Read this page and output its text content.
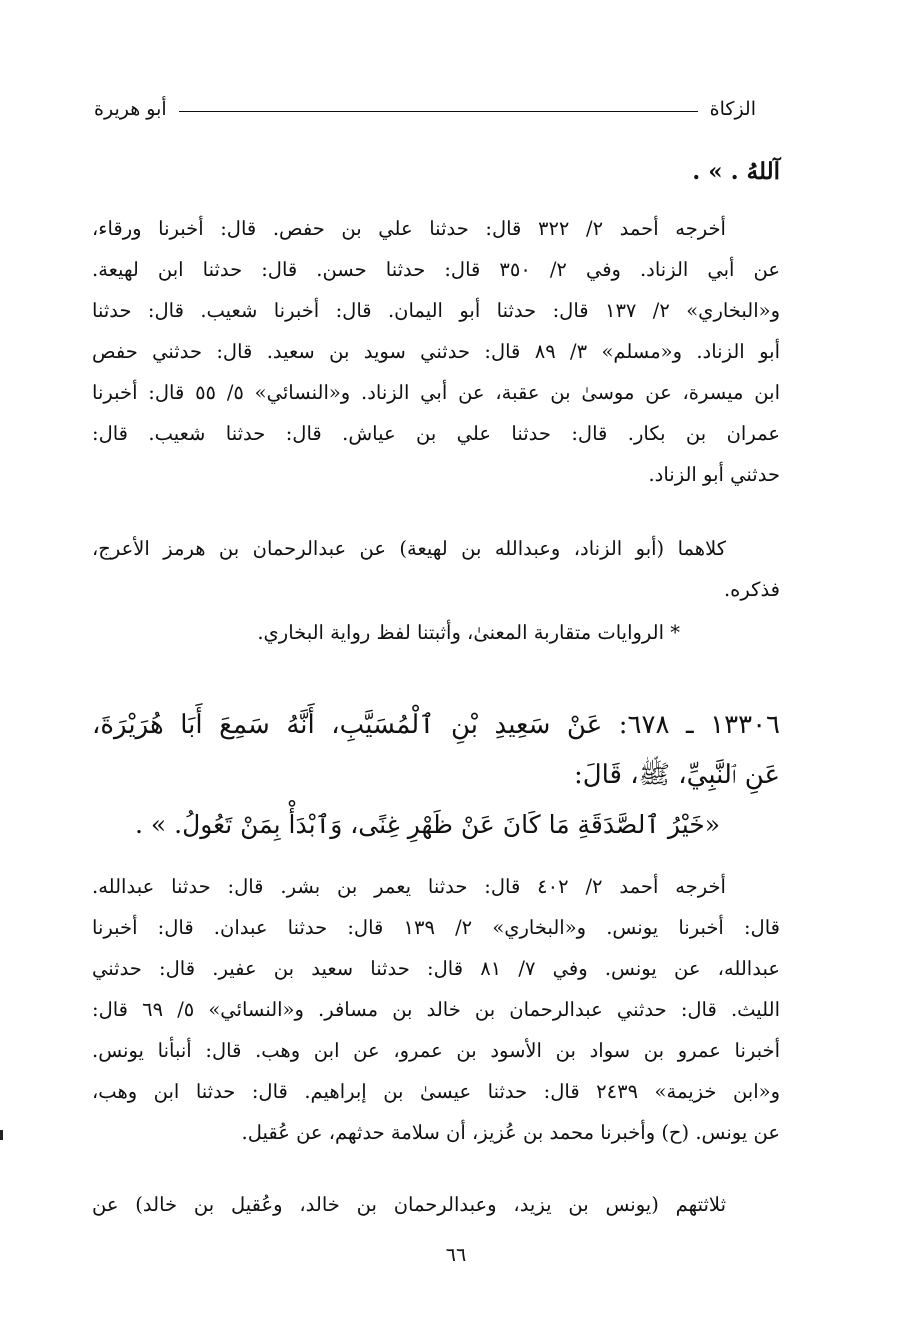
الزكاة
أبو هريرة
آللهُ . » .
أخرجه أحمد ٢/ ٣٢٢ قال: حدثنا علي بن حفص. قال: أخبرنا ورقاء،
عن أبي الزناد. وفي ٢/ ٣٥٠ قال: حدثنا حسن. قال: حدثنا ابن لهيعة.
و«البخاري» ٢/ ١٣٧ قال: حدثنا أبو اليمان. قال: أخبرنا شعيب. قال: حدثنا
أبو الزناد. و«مسلم» ٣/ ٨٩ قال: حدثني سويد بن سعيد. قال: حدثني حفص
ابن ميسرة، عن موسىٰ بن عقبة، عن أبي الزناد. و«النسائي» ٥/ ٥٥ قال: أخبرنا
عمران بن بكار. قال: حدثنا علي بن عياش. قال: حدثنا شعيب. قال:
حدثني أبو الزناد.
كلاهما (أبو الزناد، وعبدالله بن لهيعة) عن عبدالرحمان بن هرمز الأعرج،
فذكره.
* الروايات متقاربة المعنىٰ، وأثبتنا لفظ رواية البخاري.
١٣٣٠٦ ـ ٦٧٨: عَنْ سَعِيدِ بْنِ ٱلْمُسَيَّبِ، أَنَّهُ سَمِعَ أَبَا هُرَيْرَةَ،
عَنِ ٱلنَّبِيِّ، ﷺ، قَالَ:
«خَيْرُ ٱلصَّدَقَةِ مَا كَانَ عَنْ ظَهْرِ غِنًى، وَٱبْدَأْ بِمَنْ تَعُولُ. » .
أخرجه أحمد ٢/ ٤٠٢ قال: حدثنا يعمر بن بشر. قال: حدثنا عبدالله.
قال: أخبرنا يونس. و«البخاري» ٢/ ١٣٩ قال: حدثنا عبدان. قال: أخبرنا
عبدالله، عن يونس. وفي ٧/ ٨١ قال: حدثنا سعيد بن عفير. قال: حدثني
الليث. قال: حدثني عبدالرحمان بن خالد بن مسافر. و«النسائي» ٥/ ٦٩ قال:
أخبرنا عمرو بن سواد بن الأسود بن عمرو، عن ابن وهب. قال: أنبأنا يونس.
و«ابن خزيمة» ٢٤٣٩ قال: حدثنا عيسىٰ بن إبراهيم. قال: حدثنا ابن وهب،
عن يونس. (ح) وأخبرنا محمد بن عُزيز، أن سلامة حدثهم، عن عُقيل.
ثلاثتهم (يونس بن يزيد، وعبدالرحمان بن خالد، وعُقيل بن خالد) عن
٦٦
